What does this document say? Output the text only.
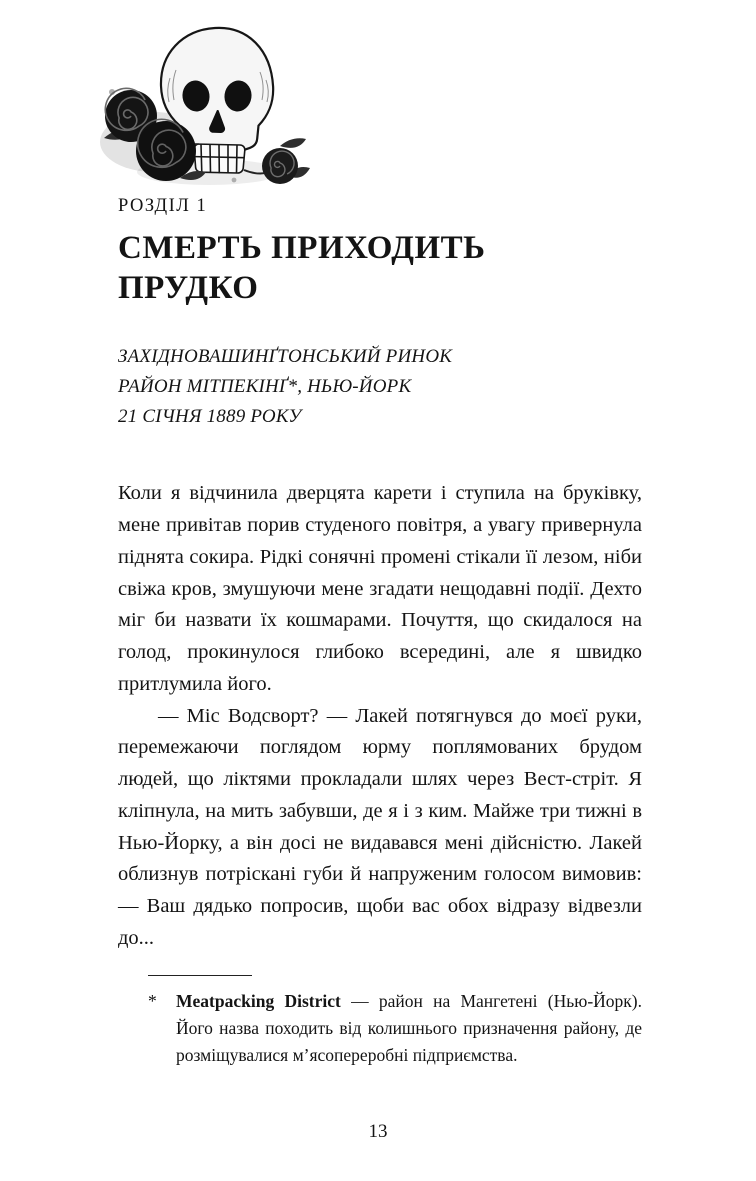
РОЗДІЛ 1
СМЕРТЬ ПРИХОДИТЬ
ПРУДКО
ЗАХІДНОВАШИНҐТОНСЬКИЙ РИНОК
РАЙОН МІТПЕКІНҐ*, НЬЮ-ЙОРК
21 СІЧНЯ 1889 РОКУ

Коли я відчинила дверцята карети і ступила на бруківку, мене привітав порив студеного повітря, а увагу привернула піднята сокира. Рідкі сонячні промені стікали її лезом, ніби свіжа кров, змушуючи мене згадати нещодавні події. Дехто міг би назвати їх кошмарами. Почуття, що скидалося на голод, прокинулося глибоко всередині, але я швидко притлумила його.

— Міс Водсворт? — Лакей потягнувся до моєї руки, перемежаючи поглядом юрму поплямованих брудом людей, що ліктями прокладали шлях через Вест-стріт. Я кліпнула, на мить забувши, де я і з ким. Майже три тижні в Нью-Йорку, а він досі не видавався мені дійсністю. Лакей облизнув потріскані губи й напруженим голосом вимовив: — Ваш дядько попросив, щоби вас обох відразу відвезли до...

*	Meatpacking District — район на Мангетені (Нью-Йорк). Його назва походить від колишнього призначення району, де розміщувалися м’ясопереробні підприємства.
13
